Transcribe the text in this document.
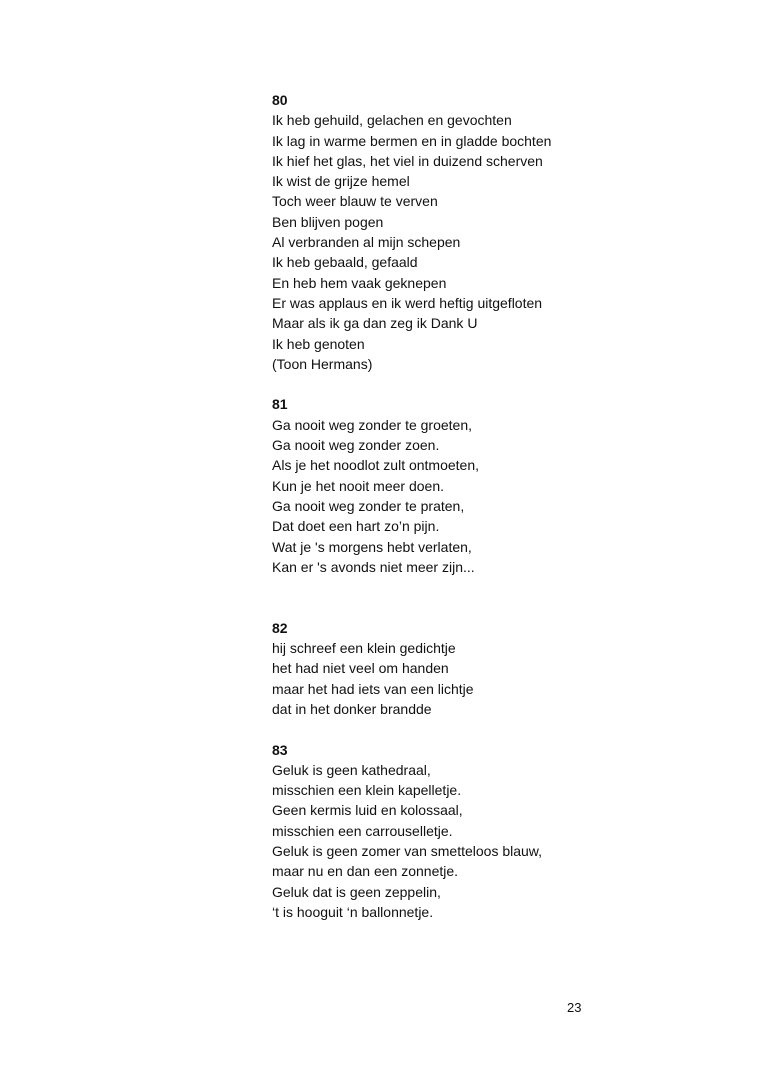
80
Ik heb gehuild, gelachen en gevochten
Ik lag in warme bermen en in gladde bochten
Ik hief het glas, het viel in duizend scherven
Ik wist de grijze hemel
Toch weer blauw te verven
Ben blijven pogen
Al verbranden al mijn schepen
Ik heb gebaald, gefaald
En heb hem vaak geknepen
Er was applaus en ik werd heftig uitgefloten
Maar als ik ga dan zeg ik Dank U
Ik heb genoten
(Toon Hermans)
81
Ga nooit weg zonder te groeten,
Ga nooit weg zonder zoen.
Als je het noodlot zult ontmoeten,
Kun je het nooit meer doen.
Ga nooit weg zonder te praten,
Dat doet een hart zo’n pijn.
Wat je 's morgens hebt verlaten,
Kan er 's avonds niet meer zijn...
82
hij schreef een klein gedichtje
het had niet veel om handen
maar het had iets van een lichtje
dat in het donker brandde
83
Geluk is geen kathedraal,
misschien een klein kapelletje.
Geen kermis luid en kolossaal,
misschien een carrouselletje.
Geluk is geen zomer van smetteloos blauw,
maar nu en dan een zonnetje.
Geluk dat is geen zeppelin,
‘t is hooguit ‘n ballonnetje.
23
